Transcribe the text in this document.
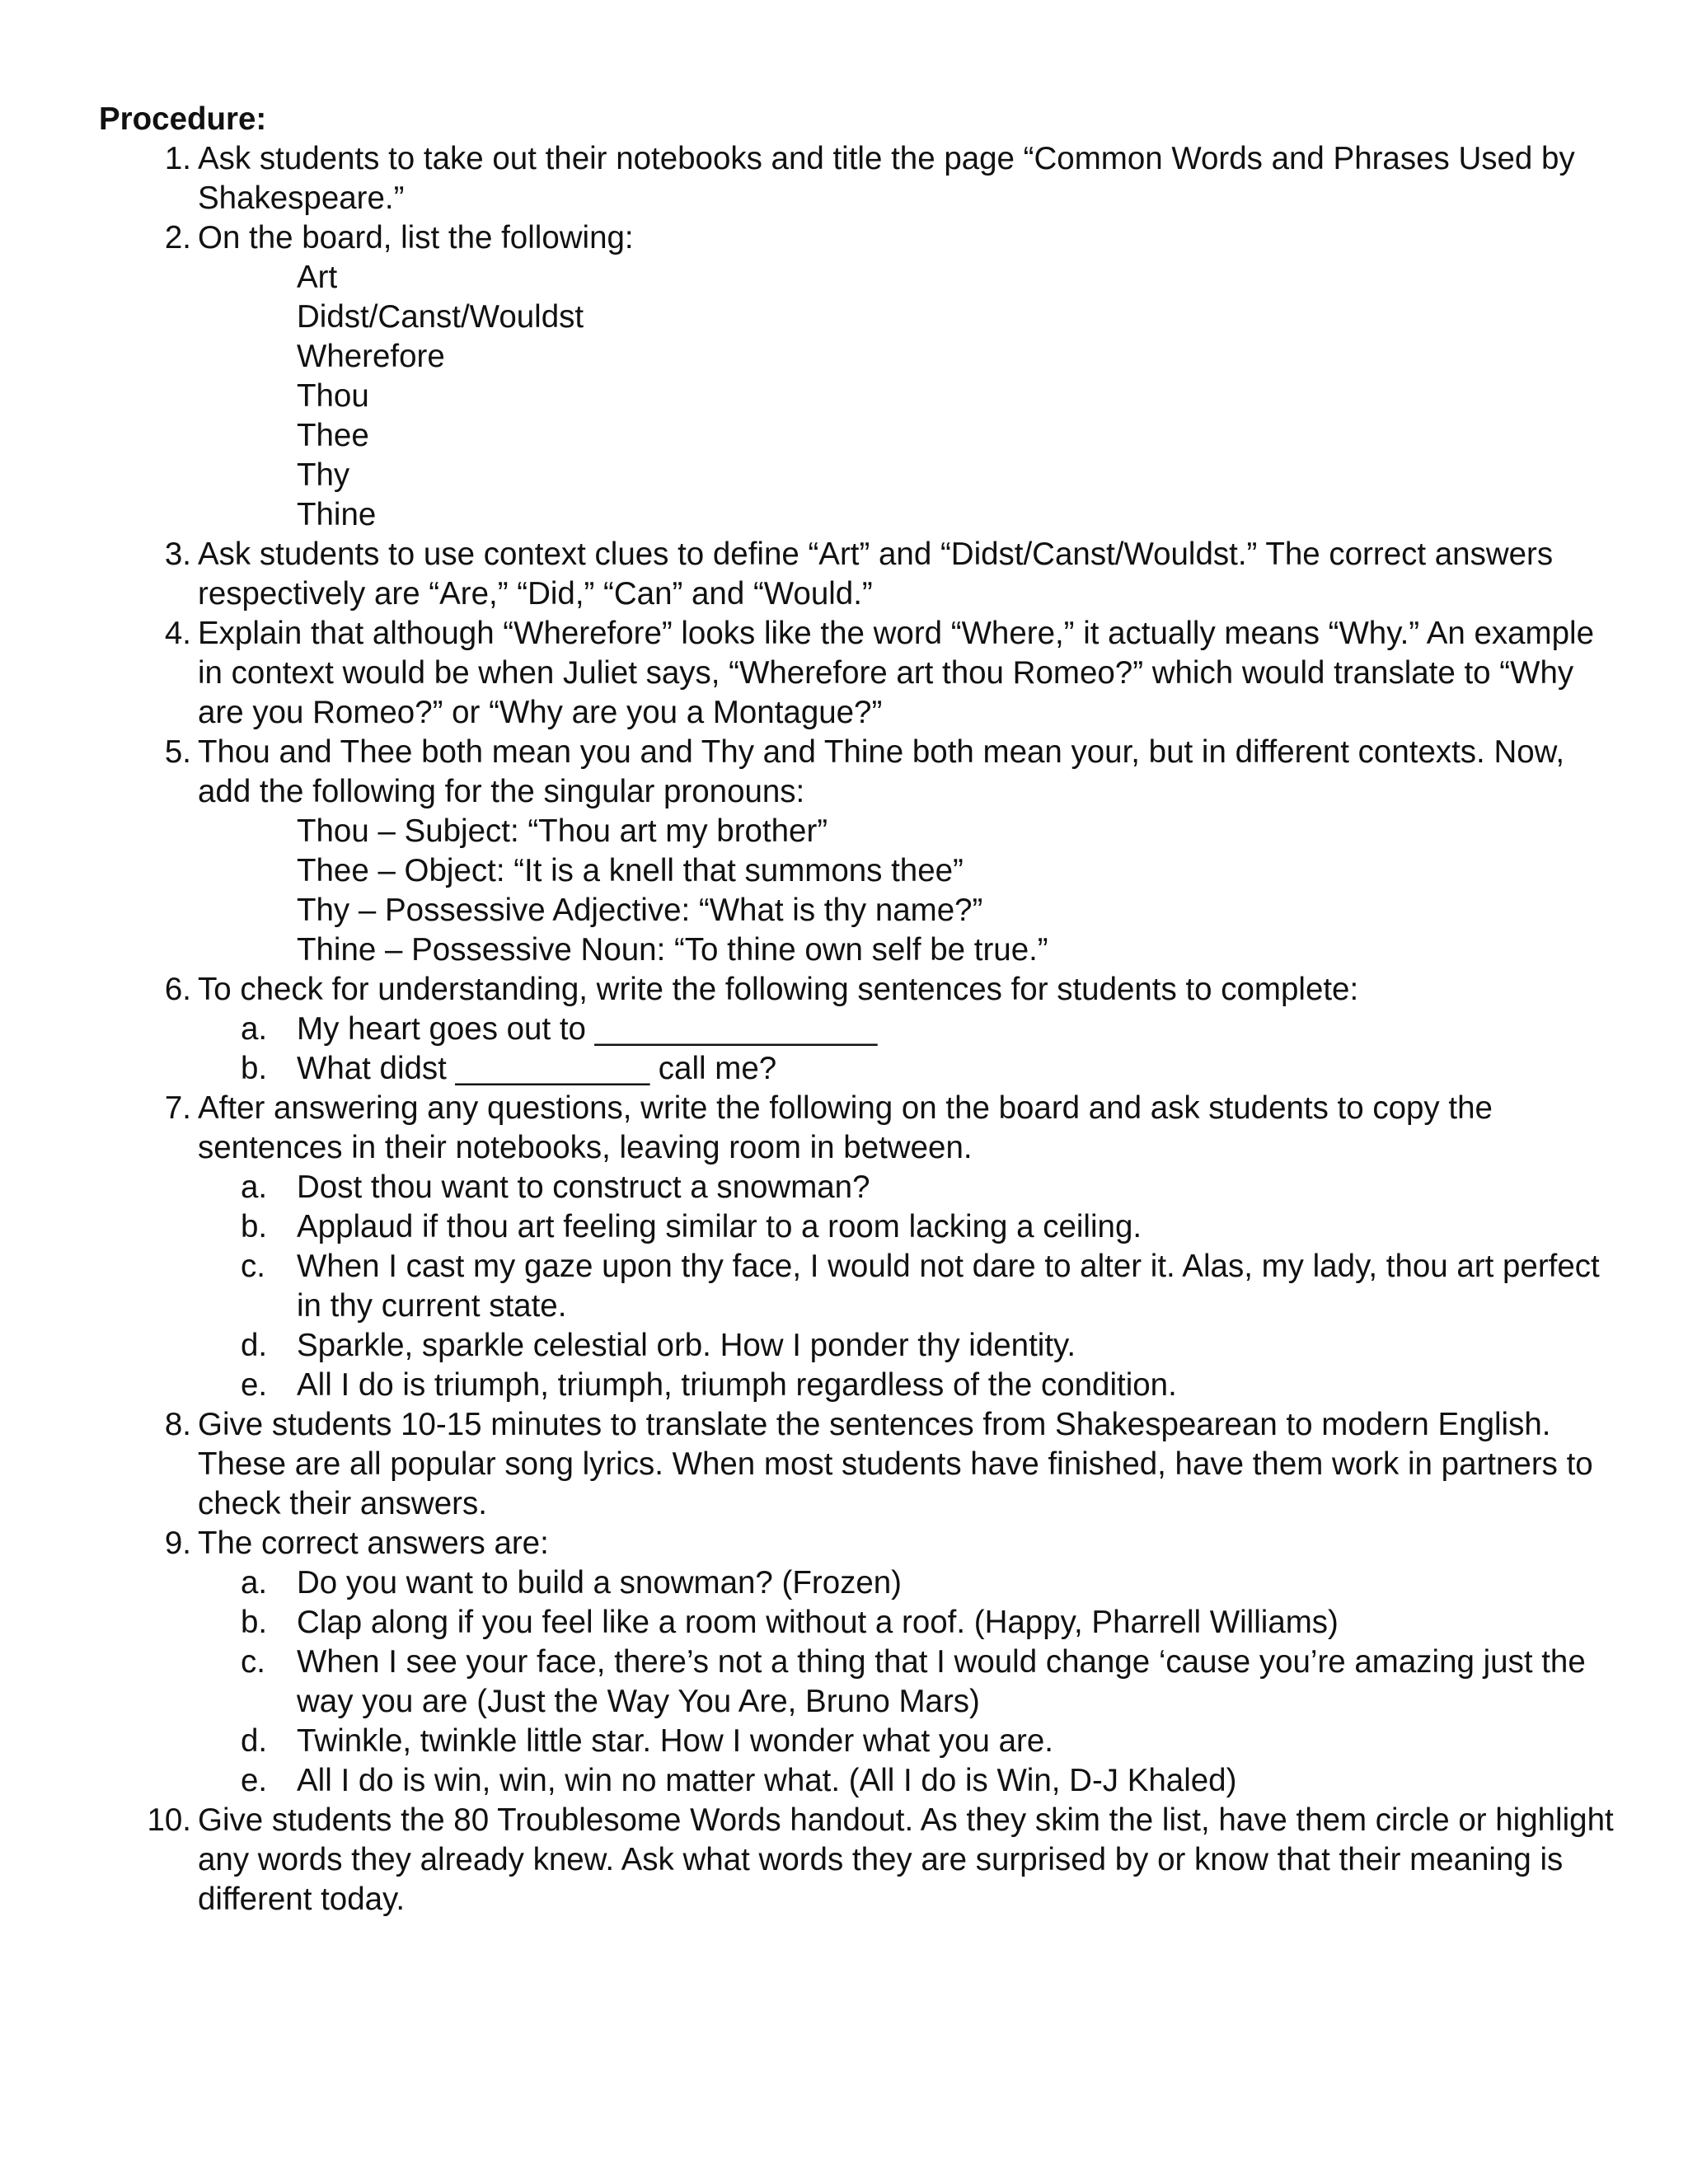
Procedure:
1. Ask students to take out their notebooks and title the page “Common Words and Phrases Used by Shakespeare.”
2. On the board, list the following:
Art
Didst/Canst/Wouldst
Wherefore
Thou
Thee
Thy
Thine
3. Ask students to use context clues to define “Art” and “Didst/Canst/Wouldst.” The correct answers respectively are “Are,” “Did,” “Can” and “Would.”
4. Explain that although “Wherefore” looks like the word “Where,” it actually means “Why.” An example in context would be when Juliet says, “Wherefore art thou Romeo?” which would translate to “Why are you Romeo?” or “Why are you a Montague?”
5. Thou and Thee both mean you and Thy and Thine both mean your, but in different contexts. Now, add the following for the singular pronouns:
Thou – Subject: “Thou art my brother”
Thee – Object: “It is a knell that summons thee”
Thy – Possessive Adjective: “What is thy name?”
Thine – Possessive Noun: “To thine own self be true.”
6. To check for understanding, write the following sentences for students to complete:
a. My heart goes out to ________________
b. What didst ___________ call me?
7. After answering any questions, write the following on the board and ask students to copy the sentences in their notebooks, leaving room in between.
a. Dost thou want to construct a snowman?
b. Applaud if thou art feeling similar to a room lacking a ceiling.
c. When I cast my gaze upon thy face, I would not dare to alter it. Alas, my lady, thou art perfect in thy current state.
d. Sparkle, sparkle celestial orb. How I ponder thy identity.
e. All I do is triumph, triumph, triumph regardless of the condition.
8. Give students 10-15 minutes to translate the sentences from Shakespearean to modern English. These are all popular song lyrics. When most students have finished, have them work in partners to check their answers.
9. The correct answers are:
a. Do you want to build a snowman? (Frozen)
b. Clap along if you feel like a room without a roof. (Happy, Pharrell Williams)
c. When I see your face, there’s not a thing that I would change ‘cause you’re amazing just the way you are (Just the Way You Are, Bruno Mars)
d. Twinkle, twinkle little star. How I wonder what you are.
e. All I do is win, win, win no matter what. (All I do is Win, D-J Khaled)
10. Give students the 80 Troublesome Words handout. As they skim the list, have them circle or highlight any words they already knew. Ask what words they are surprised by or know that their meaning is different today.
